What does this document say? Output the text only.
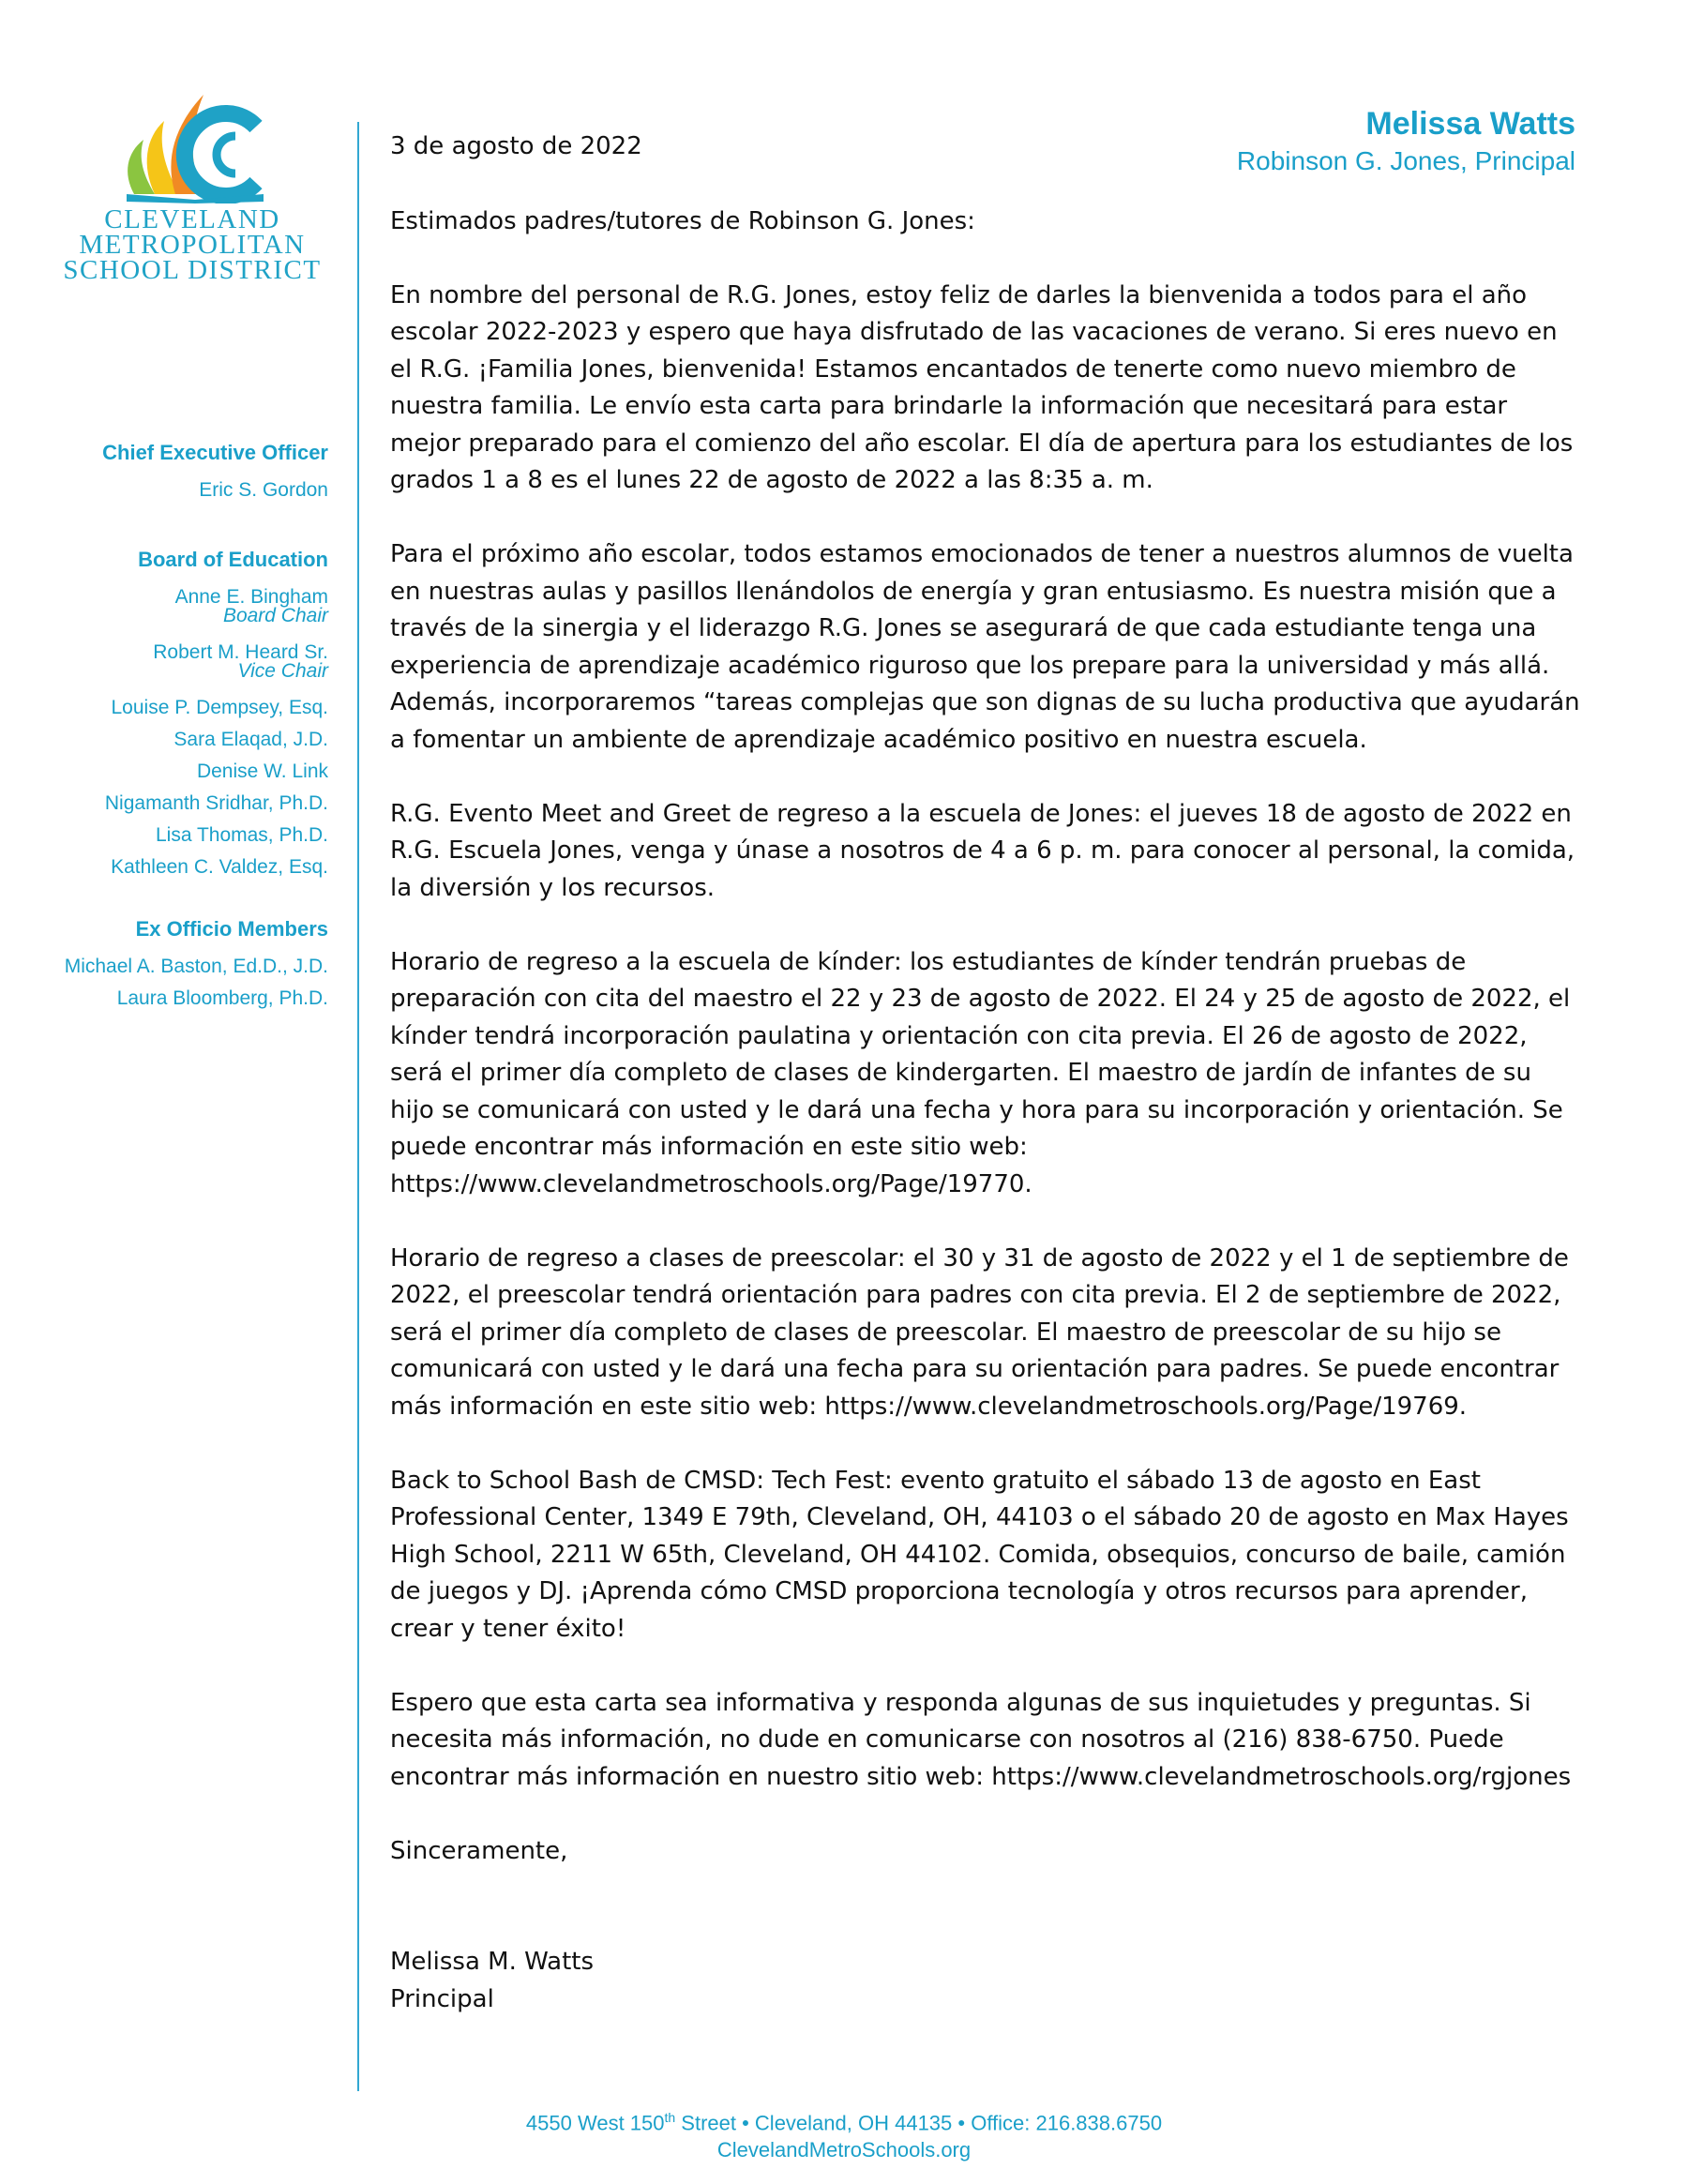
CLEVELAND
METROPOLITAN
SCHOOL DISTRICT
Melissa Watts
Robinson G. Jones, Principal
Chief Executive Officer
Eric S. Gordon
Board of Education
Anne E. Bingham
Board Chair
Robert M. Heard Sr.
Vice Chair
Louise P. Dempsey, Esq.
Sara Elaqad, J.D.
Denise W. Link
Nigamanth Sridhar, Ph.D.
Lisa Thomas, Ph.D.
Kathleen C. Valdez, Esq.
Ex Officio Members
Michael A. Baston, Ed.D., J.D.
Laura Bloomberg, Ph.D.

3 de agosto de 2022

Estimados padres/tutores de Robinson G. Jones:

En nombre del personal de R.G. Jones, estoy feliz de darles la bienvenida a todos para el año escolar 2022-2023 y espero que haya disfrutado de las vacaciones de verano. Si eres nuevo en el R.G. ¡Familia Jones, bienvenida! Estamos encantados de tenerte como nuevo miembro de nuestra familia. Le envío esta carta para brindarle la información que necesitará para estar mejor preparado para el comienzo del año escolar. El día de apertura para los estudiantes de los grados 1 a 8 es el lunes 22 de agosto de 2022 a las 8:35 a. m.

Para el próximo año escolar, todos estamos emocionados de tener a nuestros alumnos de vuelta en nuestras aulas y pasillos llenándolos de energía y gran entusiasmo. Es nuestra misión que a través de la sinergia y el liderazgo R.G. Jones se asegurará de que cada estudiante tenga una experiencia de aprendizaje académico riguroso que los prepare para la universidad y más allá. Además, incorporaremos “tareas complejas que son dignas de su lucha productiva que ayudarán a fomentar un ambiente de aprendizaje académico positivo en nuestra escuela.

R.G. Evento Meet and Greet de regreso a la escuela de Jones: el jueves 18 de agosto de 2022 en R.G. Escuela Jones, venga y únase a nosotros de 4 a 6 p. m. para conocer al personal, la comida, la diversión y los recursos.

Horario de regreso a la escuela de kínder: los estudiantes de kínder tendrán pruebas de preparación con cita del maestro el 22 y 23 de agosto de 2022. El 24 y 25 de agosto de 2022, el kínder tendrá incorporación paulatina y orientación con cita previa. El 26 de agosto de 2022, será el primer día completo de clases de kindergarten. El maestro de jardín de infantes de su hijo se comunicará con usted y le dará una fecha y hora para su incorporación y orientación. Se puede encontrar más información en este sitio web: https://www.clevelandmetroschools.org/Page/19770.

Horario de regreso a clases de preescolar: el 30 y 31 de agosto de 2022 y el 1 de septiembre de 2022, el preescolar tendrá orientación para padres con cita previa. El 2 de septiembre de 2022, será el primer día completo de clases de preescolar. El maestro de preescolar de su hijo se comunicará con usted y le dará una fecha para su orientación para padres. Se puede encontrar más información en este sitio web: https://www.clevelandmetroschools.org/Page/19769.

Back to School Bash de CMSD: Tech Fest: evento gratuito el sábado 13 de agosto en East Professional Center, 1349 E 79th, Cleveland, OH, 44103 o el sábado 20 de agosto en Max Hayes High School, 2211 W 65th, Cleveland, OH 44102. Comida, obsequios, concurso de baile, camión de juegos y DJ. ¡Aprenda cómo CMSD proporciona tecnología y otros recursos para aprender, crear y tener éxito!

Espero que esta carta sea informativa y responda algunas de sus inquietudes y preguntas. Si necesita más información, no dude en comunicarse con nosotros al (216) 838-6750. Puede encontrar más información en nuestro sitio web: https://www.clevelandmetroschools.org/rgjones

Sinceramente,

Melissa M. Watts
Principal
4550 West 150th Street • Cleveland, OH 44135 • Office: 216.838.6750
ClevelandMetroSchools.org
